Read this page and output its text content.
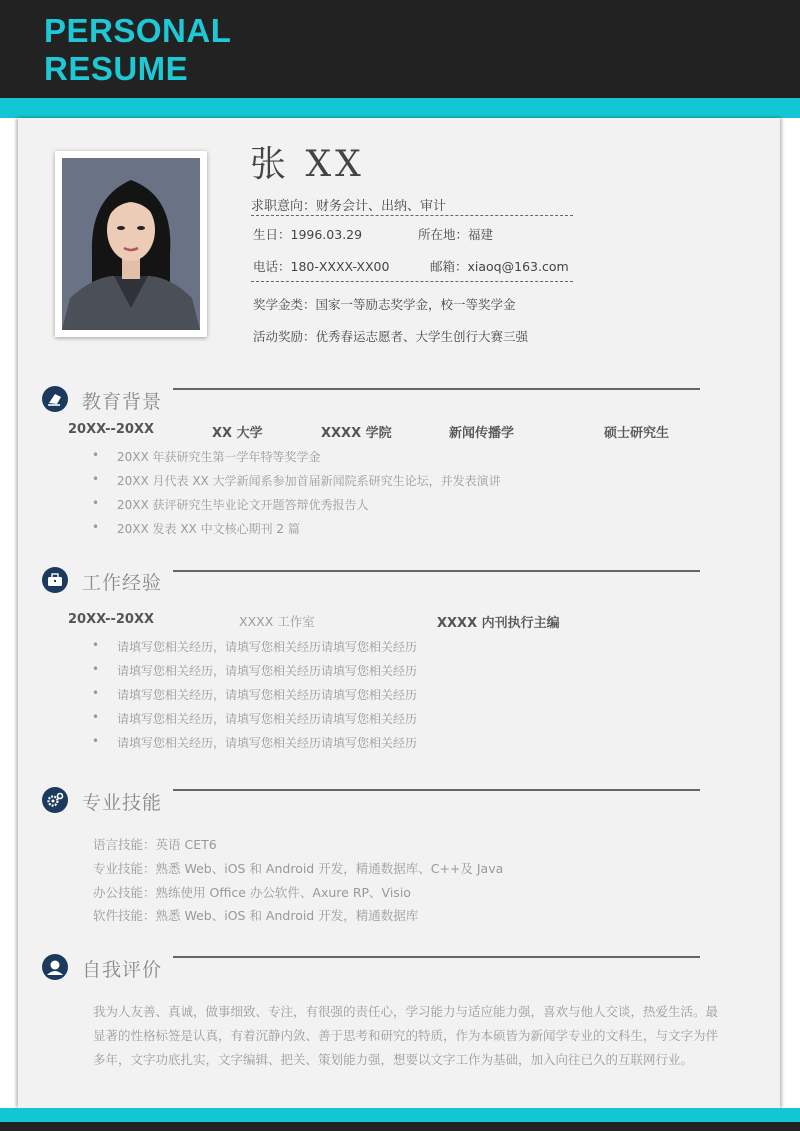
PERSONAL
RESUME
张 XX
求职意向：财务会计、出纳、审计
生日：1996.03.29	所在地：福建
电话：180-XXXX-XX00	邮箱：xiaoq@163.com
奖学金类：国家一等励志奖学金，校一等奖学金
活动奖励：优秀春运志愿者、大学生创行大赛三强
教育背景
20XX--20XX	XX 大学	XXXX 学院	新闻传播学	硕士研究生
20XX 年获研究生第一学年特等奖学金
20XX 月代表 XX 大学新闻系参加首届新闻院系研究生论坛，并发表演讲
20XX 获评研究生毕业论文开题答辩优秀报告人
20XX 发表 XX 中文核心期刊 2 篇
工作经验
20XX--20XX	XXXX 工作室	XXXX 内刊执行主编
请填写您相关经历，请填写您相关经历请填写您相关经历
请填写您相关经历，请填写您相关经历请填写您相关经历
请填写您相关经历，请填写您相关经历请填写您相关经历
请填写您相关经历，请填写您相关经历请填写您相关经历
请填写您相关经历，请填写您相关经历请填写您相关经历
专业技能
语言技能：英语 CET6
专业技能：熟悉 Web、iOS 和 Android 开发，精通数据库、C++及 Java
办公技能：熟练使用 Office 办公软件、Axure RP、Visio
软件技能：熟悉 Web、iOS 和 Android 开发，精通数据库
自我评价
我为人友善、真诚，做事细致、专注，有很强的责任心，学习能力与适应能力强，喜欢与他人交谈，热爱生活。最显著的性格标签是认真，有着沉静内敛、善于思考和研究的特质，作为本硕皆为新闻学专业的文科生，与文字为伴多年，文字功底扎实，文字编辑、把关、策划能力强，想要以文字工作为基础，加入向往已久的互联网行业。
